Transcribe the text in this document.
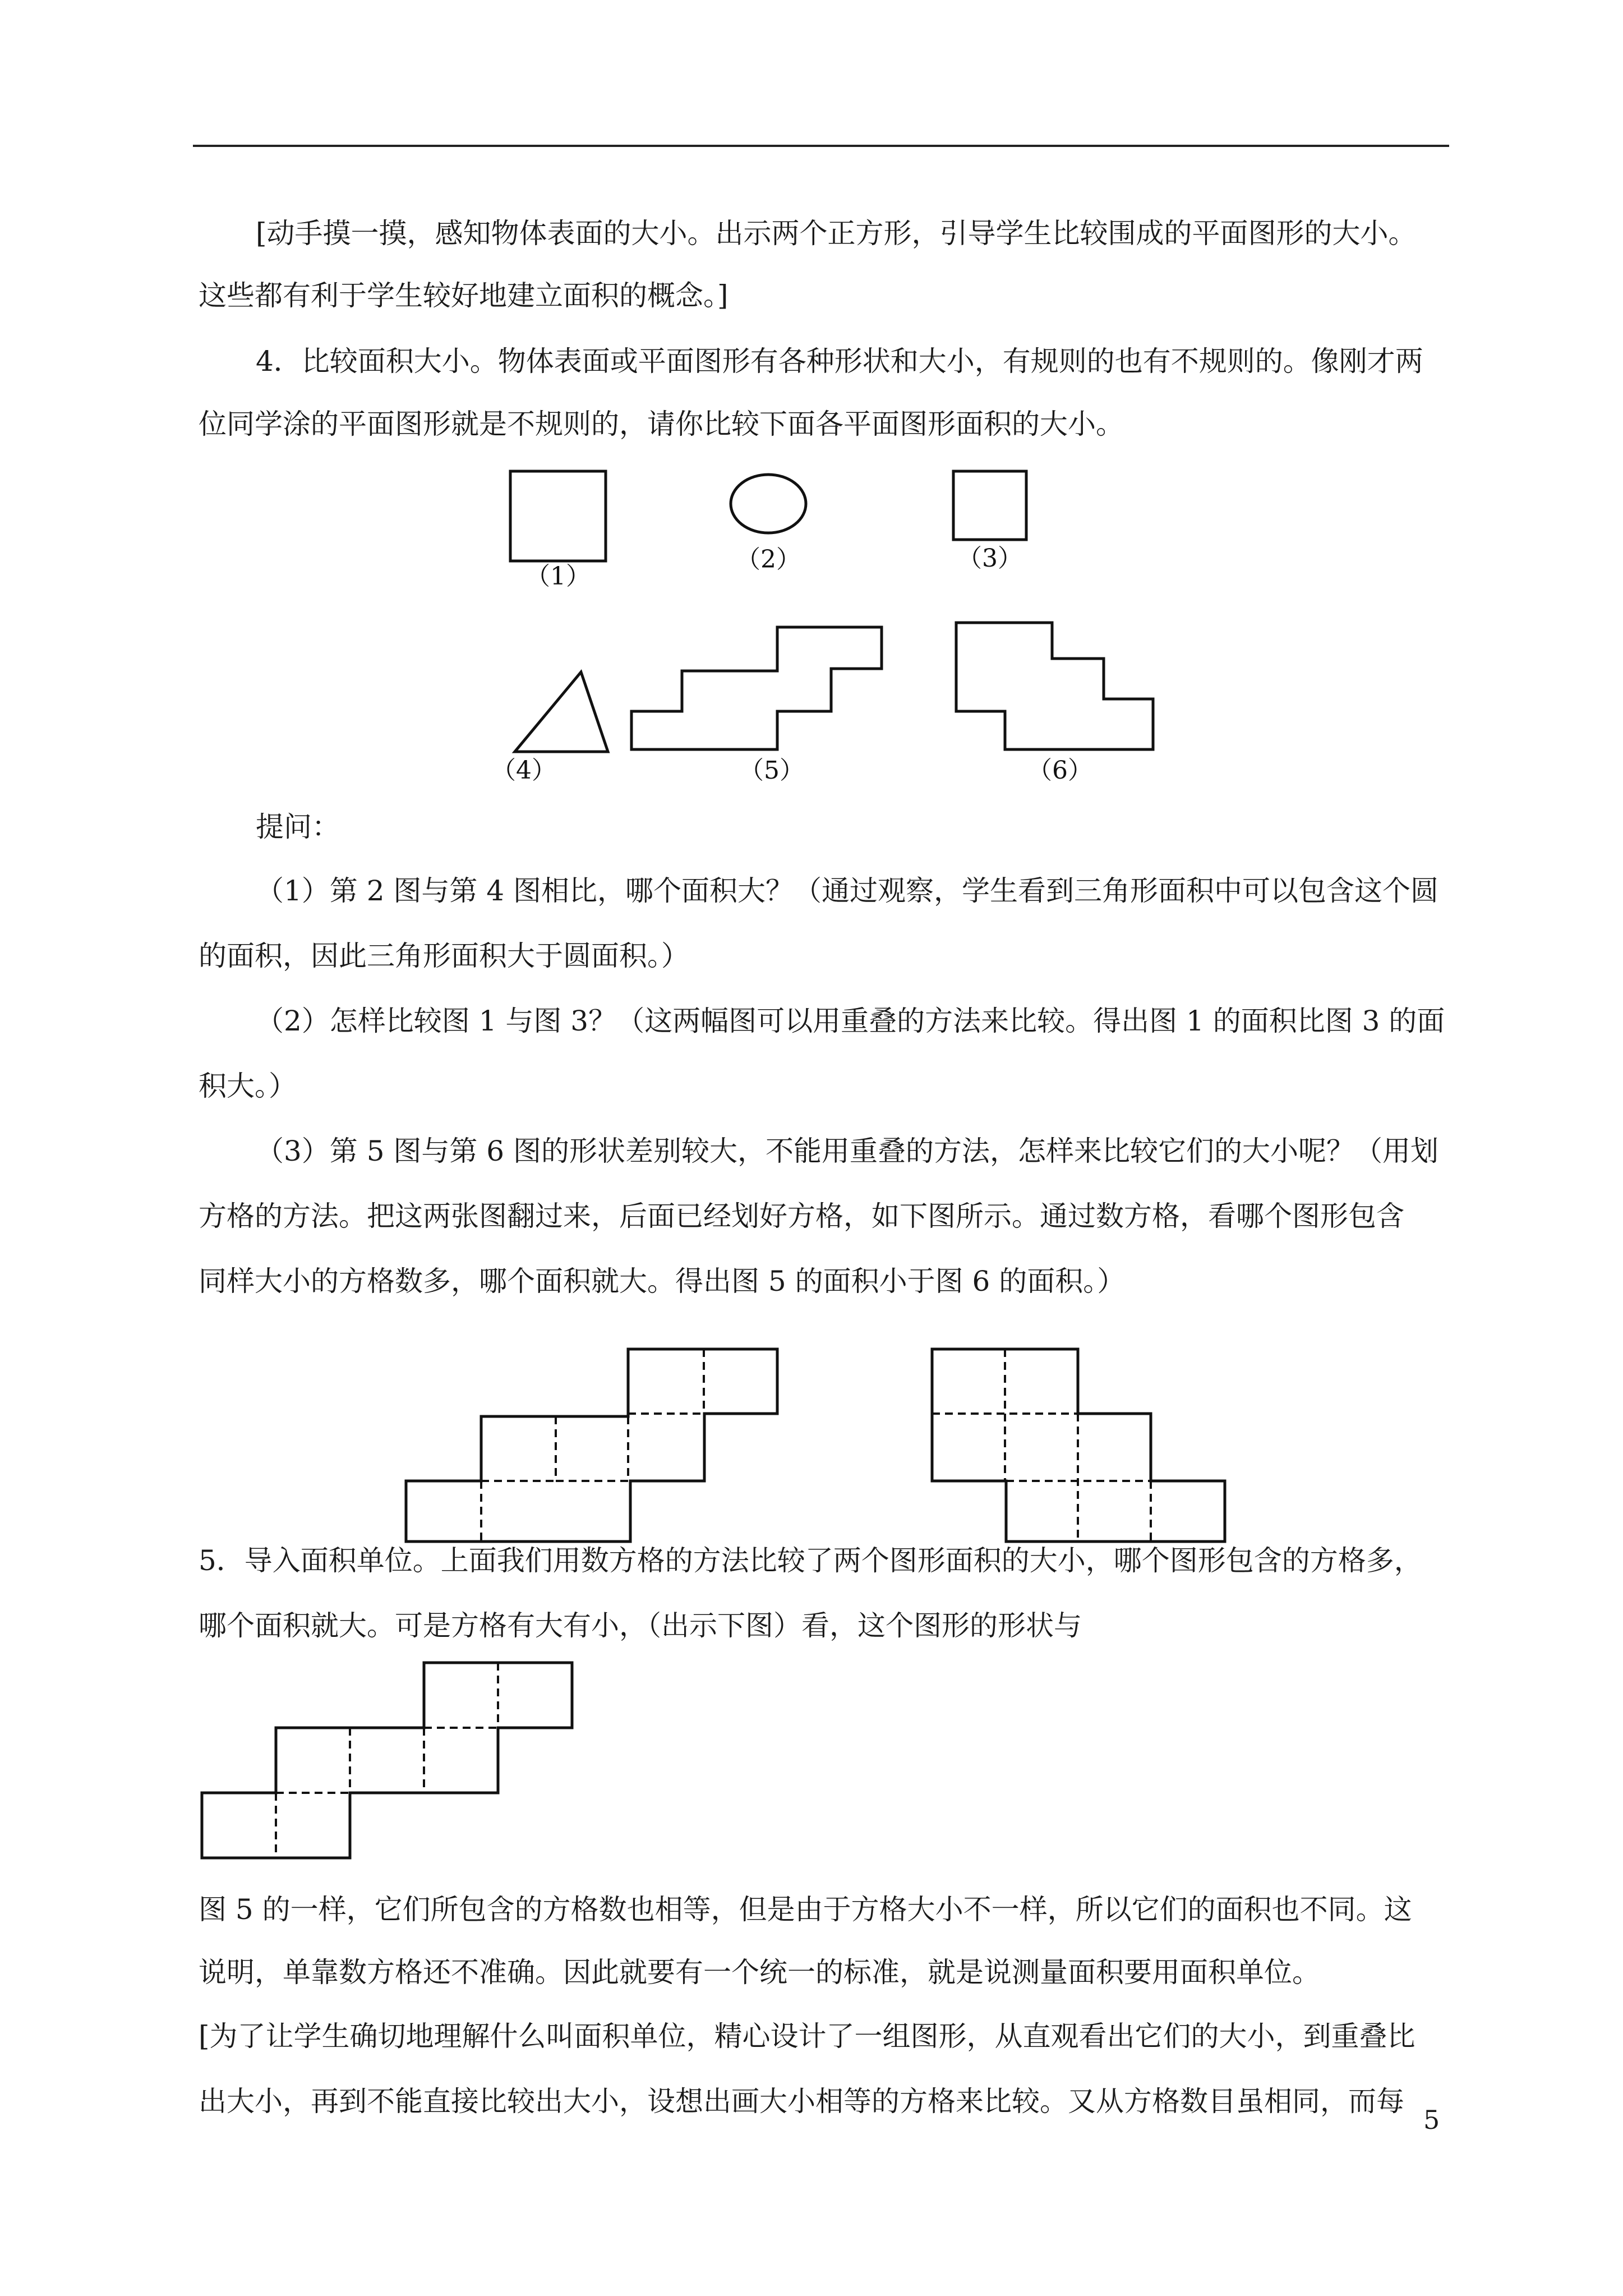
[动手摸一摸，感知物体表面的大小。出示两个正方形，引导学生比较围成的平面图形的大小。

这些都有利于学生较好地建立面积的概念。]

4．比较面积大小。物体表面或平面图形有各种形状和大小，有规则的也有不规则的。像刚才两

位同学涂的平面图形就是不规则的，请你比较下面各平面图形面积的大小。

（1）
（2）	（3）
（4）	（5）	（6）

提问：

（1）第 2 图与第 4 图相比，哪个面积大？（通过观察，学生看到三角形面积中可以包含这个圆

的面积，因此三角形面积大于圆面积。）

（2）怎样比较图 1 与图 3？（这两幅图可以用重叠的方法来比较。得出图 1 的面积比图 3 的面

积大。）

（3）第 5 图与第 6 图的形状差别较大，不能用重叠的方法，怎样来比较它们的大小呢？（用划

方格的方法。把这两张图翻过来，后面已经划好方格，如下图所示。通过数方格，看哪个图形包含

同样大小的方格数多，哪个面积就大。得出图 5 的面积小于图 6 的面积。）

5．导入面积单位。上面我们用数方格的方法比较了两个图形面积的大小，哪个图形包含的方格多，

哪个面积就大。可是方格有大有小，（出示下图）看，这个图形的形状与

图 5 的一样，它们所包含的方格数也相等，但是由于方格大小不一样，所以它们的面积也不同。这

说明，单靠数方格还不准确。因此就要有一个统一的标准，就是说测量面积要用面积单位。

[为了让学生确切地理解什么叫面积单位，精心设计了一组图形，从直观看出它们的大小，到重叠比

出大小，再到不能直接比较出大小，设想出画大小相等的方格来比较。又从方格数目虽相同，而每

5
